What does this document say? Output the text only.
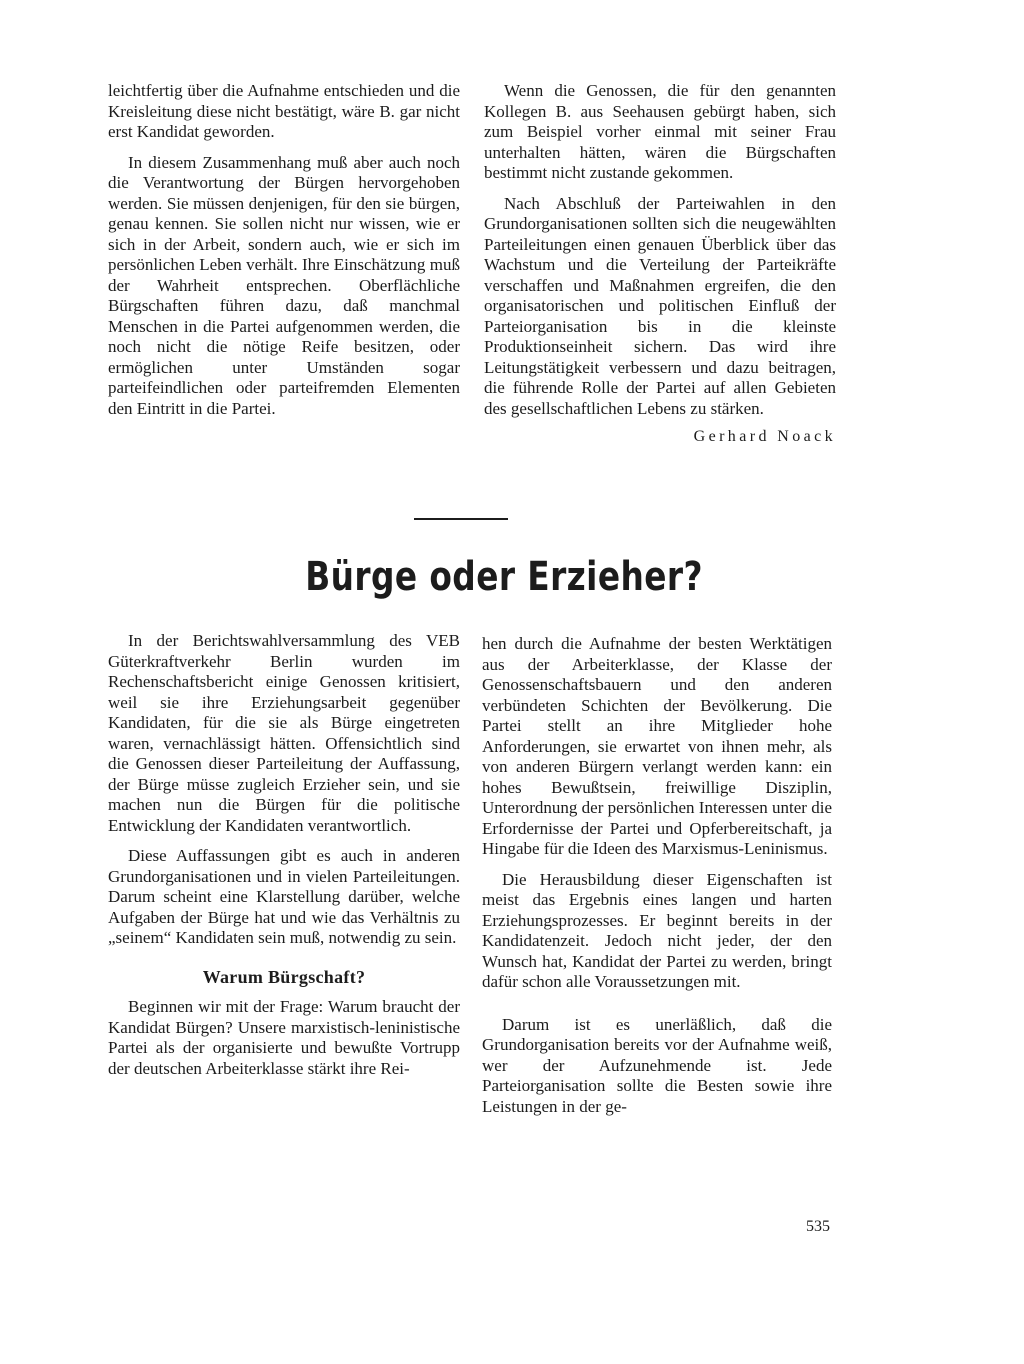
leichtfertig über die Aufnahme entschieden und die Kreisleitung diese nicht bestätigt, wäre B. gar nicht erst Kandidat geworden.

In diesem Zusammenhang muß aber auch noch die Verantwortung der Bürgen hervorgehoben werden. Sie müssen denjenigen, für den sie bürgen, genau kennen. Sie sollen nicht nur wissen, wie er sich in der Arbeit, sondern auch, wie er sich im persönlichen Leben verhält. Ihre Einschätzung muß der Wahrheit entsprechen. Oberflächliche Bürgschaften führen dazu, daß manchmal Menschen in die Partei aufgenommen werden, die noch nicht die nötige Reife besitzen, oder ermöglichen unter Umständen sogar parteifeindlichen oder parteifremden Elementen den Eintritt in die Partei.

Wenn die Genossen, die für den genannten Kollegen B. aus Seehausen gebürgt haben, sich zum Beispiel vorher einmal mit seiner Frau unterhalten hätten, wären die Bürgschaften bestimmt nicht zustande gekommen.

Nach Abschluß der Parteiwahlen in den Grundorganisationen sollten sich die neugewählten Parteileitungen einen genauen Überblick über das Wachstum und die Verteilung der Parteikräfte verschaffen und Maßnahmen ergreifen, die den organisatorischen und politischen Einfluß der Parteiorganisation bis in die kleinste Produktionseinheit sichern. Das wird ihre Leitungstätigkeit verbessern und dazu beitragen, die führende Rolle der Partei auf allen Gebieten des gesellschaftlichen Lebens zu stärken.

Gerhard Noack
Bürge oder Erzieher?

In der Berichtswahlversammlung des VEB Güterkraftverkehr Berlin wurden im Rechenschaftsbericht einige Genossen kritisiert, weil sie ihre Erziehungsarbeit gegenüber Kandidaten, für die sie als Bürge eingetreten waren, vernachlässigt hätten. Offensichtlich sind die Genossen dieser Parteileitung der Auffassung, der Bürge müsse zugleich Erzieher sein, und sie machen nun die Bürgen für die politische Entwicklung der Kandidaten verantwortlich.

Diese Auffassungen gibt es auch in anderen Grundorganisationen und in vielen Parteileitungen. Darum scheint eine Klarstellung darüber, welche Aufgaben der Bürge hat und wie das Verhältnis zu „seinem“ Kandidaten sein muß, notwendig zu sein.

Warum Bürgschaft?

Beginnen wir mit der Frage: Warum braucht der Kandidat Bürgen? Unsere marxistisch-leninistische Partei als der organisierte und bewußte Vortrupp der deutschen Arbeiterklasse stärkt ihre Rei-

hen durch die Aufnahme der besten Werktätigen aus der Arbeiterklasse, der Klasse der Genossenschaftsbauern und den anderen verbündeten Schichten der Bevölkerung. Die Partei stellt an ihre Mitglieder hohe Anforderungen, sie erwartet von ihnen mehr, als von anderen Bürgern verlangt werden kann: ein hohes Bewußtsein, freiwillige Disziplin, Unterordnung der persönlichen Interessen unter die Erfordernisse der Partei und Opferbereitschaft, ja Hingabe für die Ideen des Marxismus-Leninismus.

Die Herausbildung dieser Eigenschaften ist meist das Ergebnis eines langen und harten Erziehungsprozesses. Er beginnt bereits in der Kandidatenzeit. Jedoch nicht jeder, der den Wunsch hat, Kandidat der Partei zu werden, bringt dafür schon alle Voraussetzungen mit.

Darum ist es unerläßlich, daß die Grundorganisation bereits vor der Aufnahme weiß, wer der Aufzunehmende ist. Jede Parteiorganisation sollte die Besten sowie ihre Leistungen in der ge-

535
